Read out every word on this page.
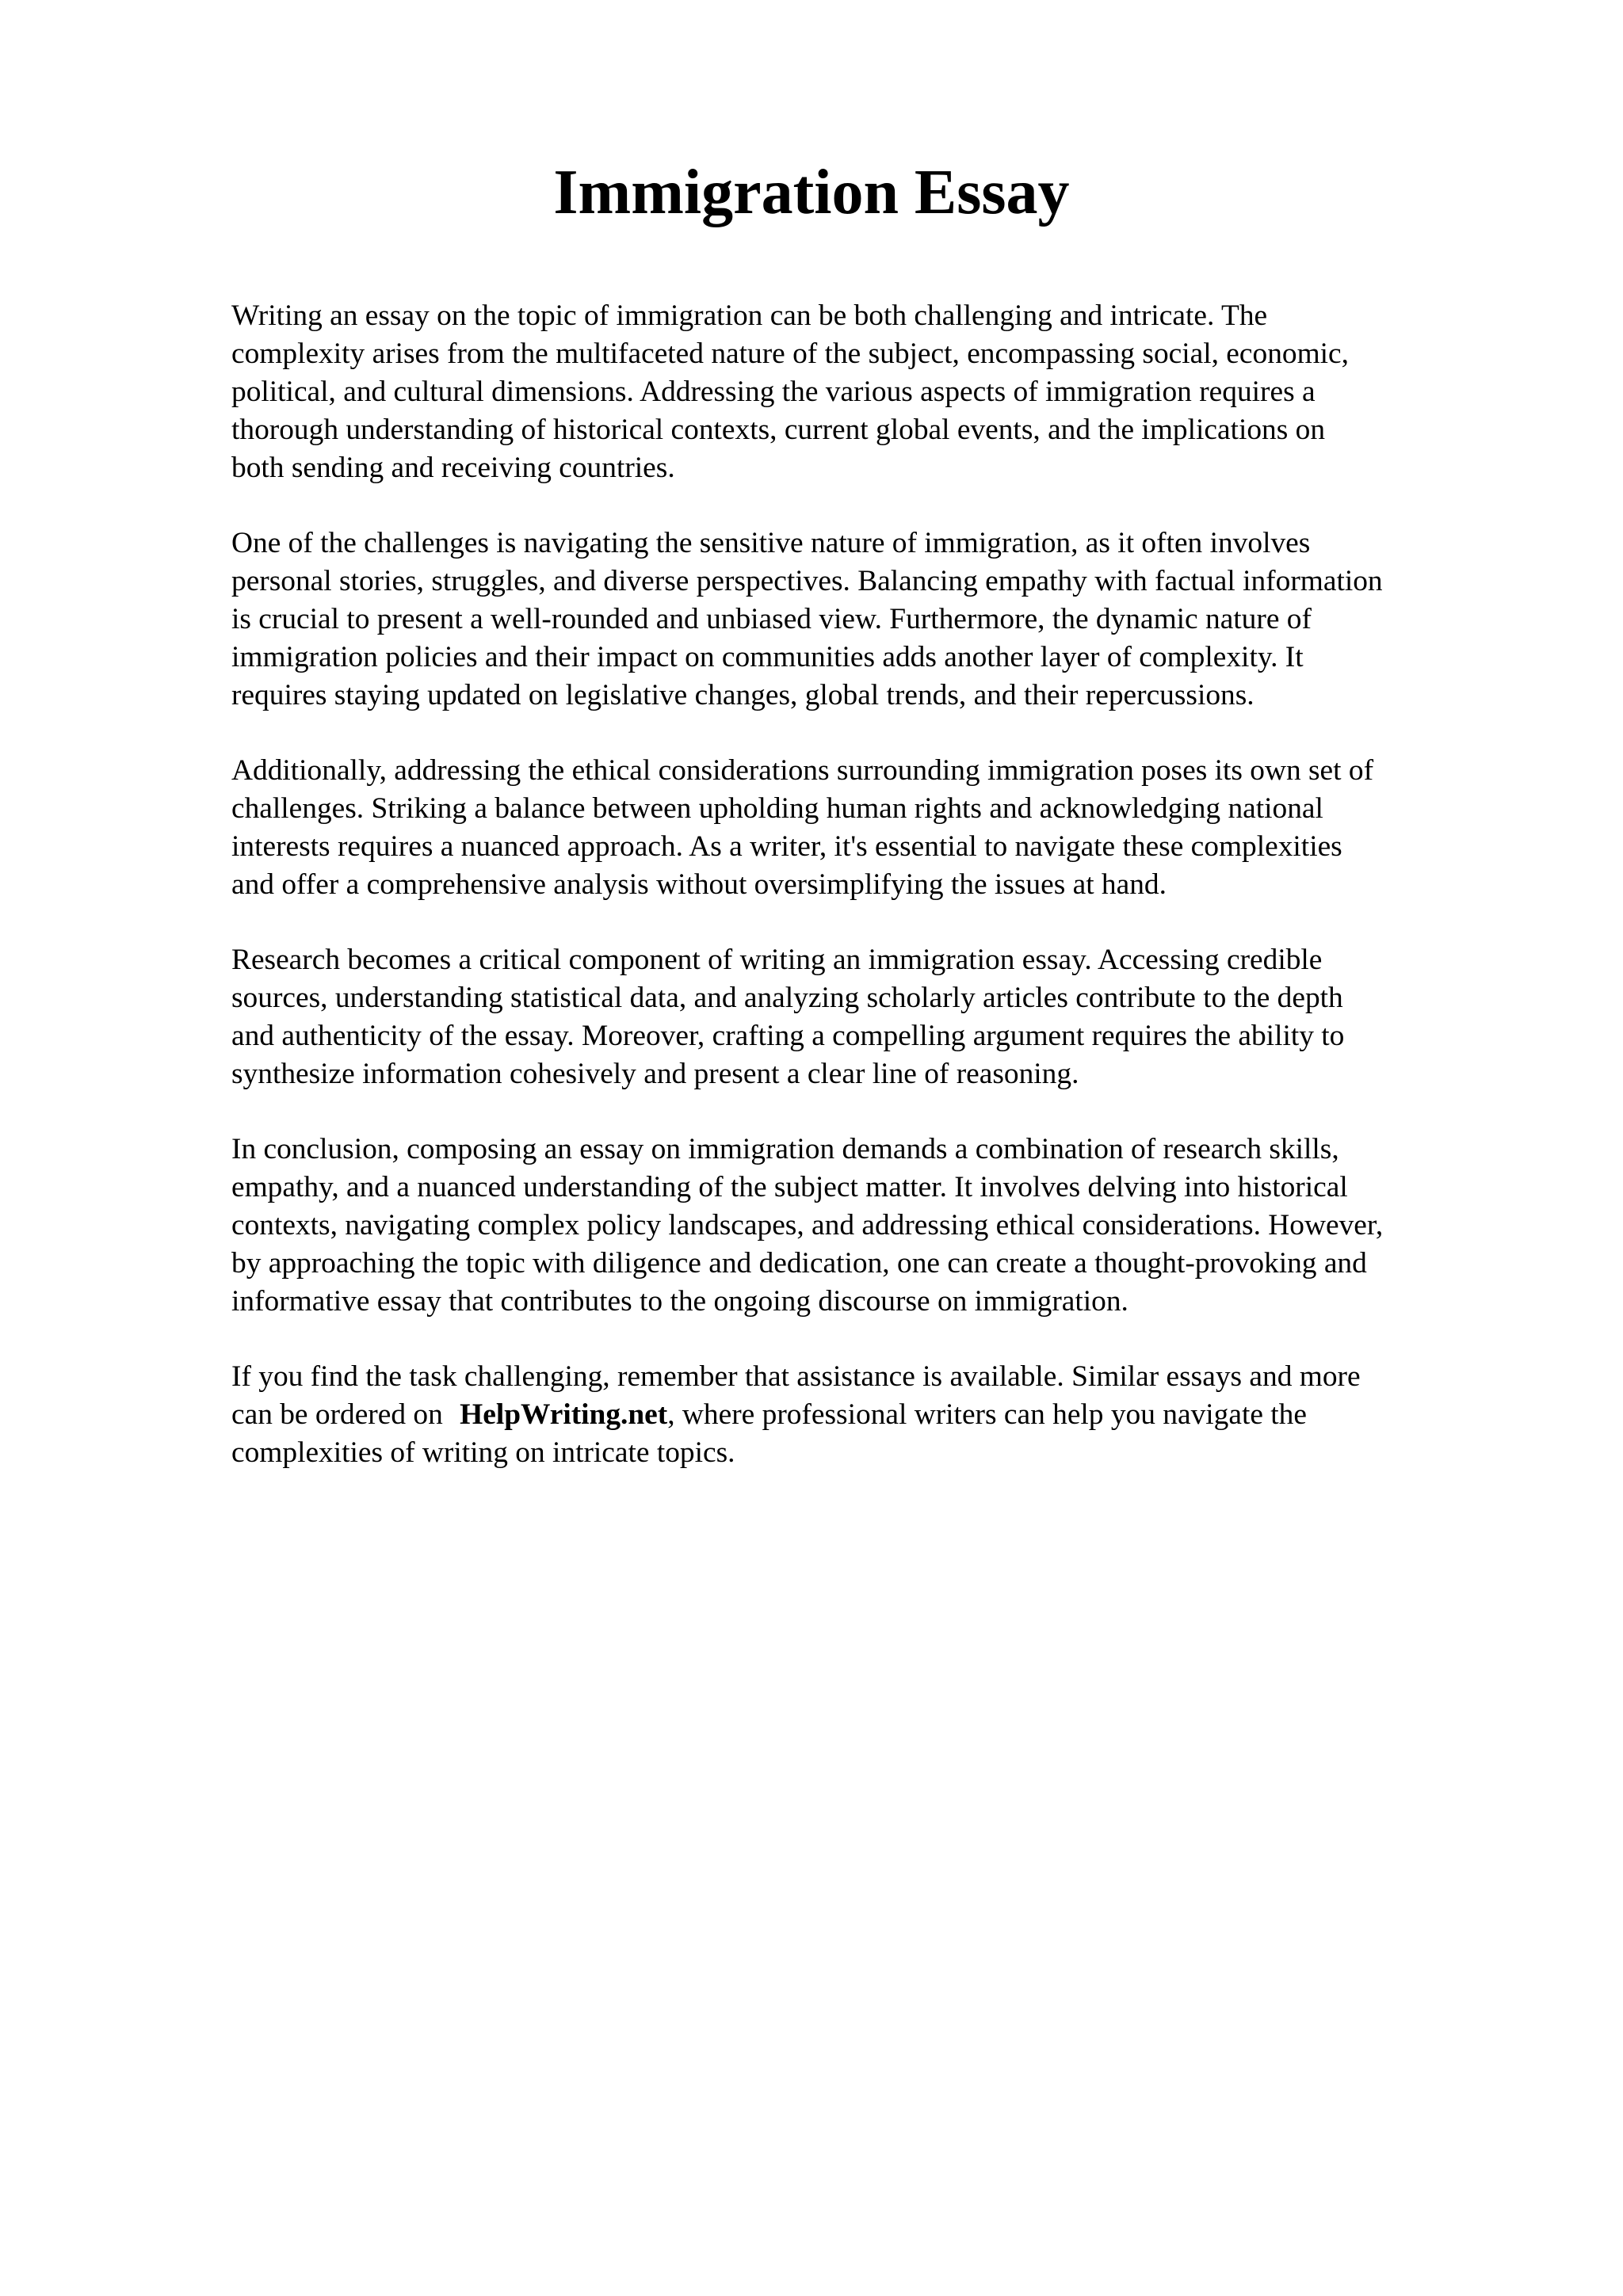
Immigration Essay

Writing an essay on the topic of immigration can be both challenging and intricate. The
complexity arises from the multifaceted nature of the subject, encompassing social, economic,
political, and cultural dimensions. Addressing the various aspects of immigration requires a
thorough understanding of historical contexts, current global events, and the implications on
both sending and receiving countries.

One of the challenges is navigating the sensitive nature of immigration, as it often involves
personal stories, struggles, and diverse perspectives. Balancing empathy with factual information
is crucial to present a well-rounded and unbiased view. Furthermore, the dynamic nature of
immigration policies and their impact on communities adds another layer of complexity. It
requires staying updated on legislative changes, global trends, and their repercussions.

Additionally, addressing the ethical considerations surrounding immigration poses its own set of
challenges. Striking a balance between upholding human rights and acknowledging national
interests requires a nuanced approach. As a writer, it's essential to navigate these complexities
and offer a comprehensive analysis without oversimplifying the issues at hand.

Research becomes a critical component of writing an immigration essay. Accessing credible
sources, understanding statistical data, and analyzing scholarly articles contribute to the depth
and authenticity of the essay. Moreover, crafting a compelling argument requires the ability to
synthesize information cohesively and present a clear line of reasoning.

In conclusion, composing an essay on immigration demands a combination of research skills,
empathy, and a nuanced understanding of the subject matter. It involves delving into historical
contexts, navigating complex policy landscapes, and addressing ethical considerations. However,
by approaching the topic with diligence and dedication, one can create a thought-provoking and
informative essay that contributes to the ongoing discourse on immigration.

If you find the task challenging, remember that assistance is available. Similar essays and more
can be ordered on HelpWriting.net, where professional writers can help you navigate the
complexities of writing on intricate topics.
